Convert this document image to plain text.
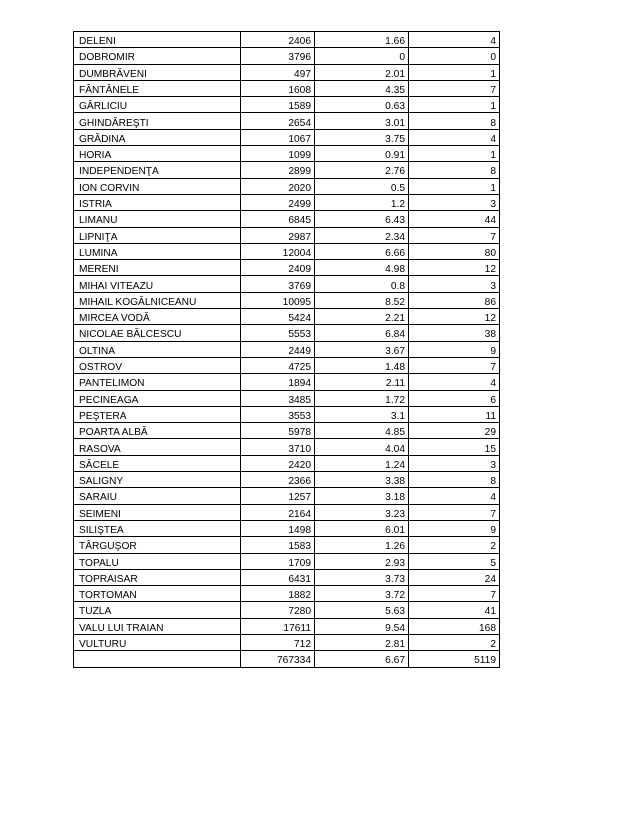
DELENI	2406	1.66	4
DOBROMIR	3796	0	0
DUMBRĂVENI	497	2.01	1
FÂNTÂNELE	1608	4.35	7
GÂRLICIU	1589	0.63	1
GHINDĂREŞTI	2654	3.01	8
GRĂDINA	1067	3.75	4
HORIA	1099	0.91	1
INDEPENDENŢA	2899	2.76	8
ION CORVIN	2020	0.5	1
ISTRIA	2499	1.2	3
LIMANU	6845	6.43	44
LIPNIŢA	2987	2.34	7
LUMINA	12004	6.66	80
MERENI	2409	4.98	12
MIHAI VITEAZU	3769	0.8	3
MIHAIL KOGĂLNICEANU	10095	8.52	86
MIRCEA VODĂ	5424	2.21	12
NICOLAE BĂLCESCU	5553	6.84	38
OLTINA	2449	3.67	9
OSTROV	4725	1.48	7
PANTELIMON	1894	2.11	4
PECINEAGA	3485	1.72	6
PEŞTERA	3553	3.1	11
POARTA ALBĂ	5978	4.85	29
RASOVA	3710	4.04	15
SĂCELE	2420	1.24	3
SALIGNY	2366	3.38	8
SARAIU	1257	3.18	4
SEIMENI	2164	3.23	7
SILIŞTEA	1498	6.01	9
TÂRGUŞOR	1583	1.26	2
TOPALU	1709	2.93	5
TOPRAISAR	6431	3.73	24
TORTOMAN	1882	3.72	7
TUZLA	7280	5.63	41
VALU LUI TRAIAN	17611	9.54	168
VULTURU	712	2.81	2
	767334	6.67	5119
